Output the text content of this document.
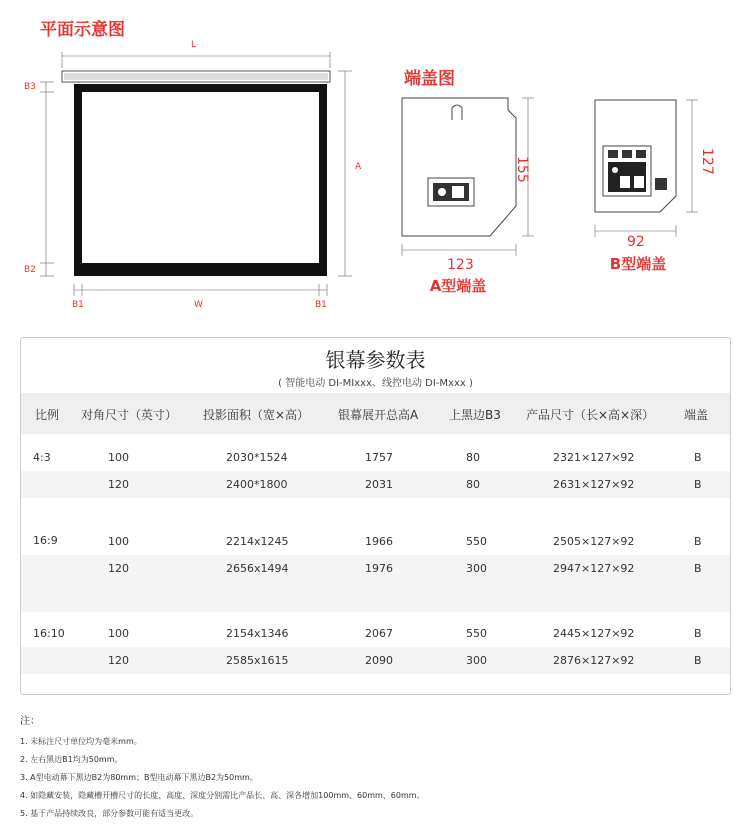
平面示意图
L
A
B3
B2
B1	W	B1
端盖图
155
123
A型端盖
127
92
B型端盖
银幕参数表
( 智能电动 DI-MIxxx、线控电动 DI-Mxxx )
比例 对角尺寸（英寸） 投影面积（宽×高） 银幕展开总高A	上黑边B3 产品尺寸（长×高×深） 端盖
4:3	100	2030*1524	1757	80	2321×127×92	B
120	2400*1800	2031	80	2631×127×92	B
16:9	100	2214x1245	1966	550	2505×127×92	B
120	2656x1494	1976	300	2947×127×92	B
16:10	100	2154x1346	2067	550	2445×127×92	B
120	2585x1615	2090	300	2876×127×92	B
注：
1. 未标注尺寸单位均为毫米mm。
2. 左右黑边B1均为50mm。
3. A型电动幕下黑边B2为80mm；B型电动幕下黑边B2为50mm。
4. 如隐藏安装，隐藏槽开槽尺寸的长度、高度、深度分别需比产品长、高、深各增加100mm、60mm、60mm。
5. 基于产品持续改良，部分参数可能有适当更改。
